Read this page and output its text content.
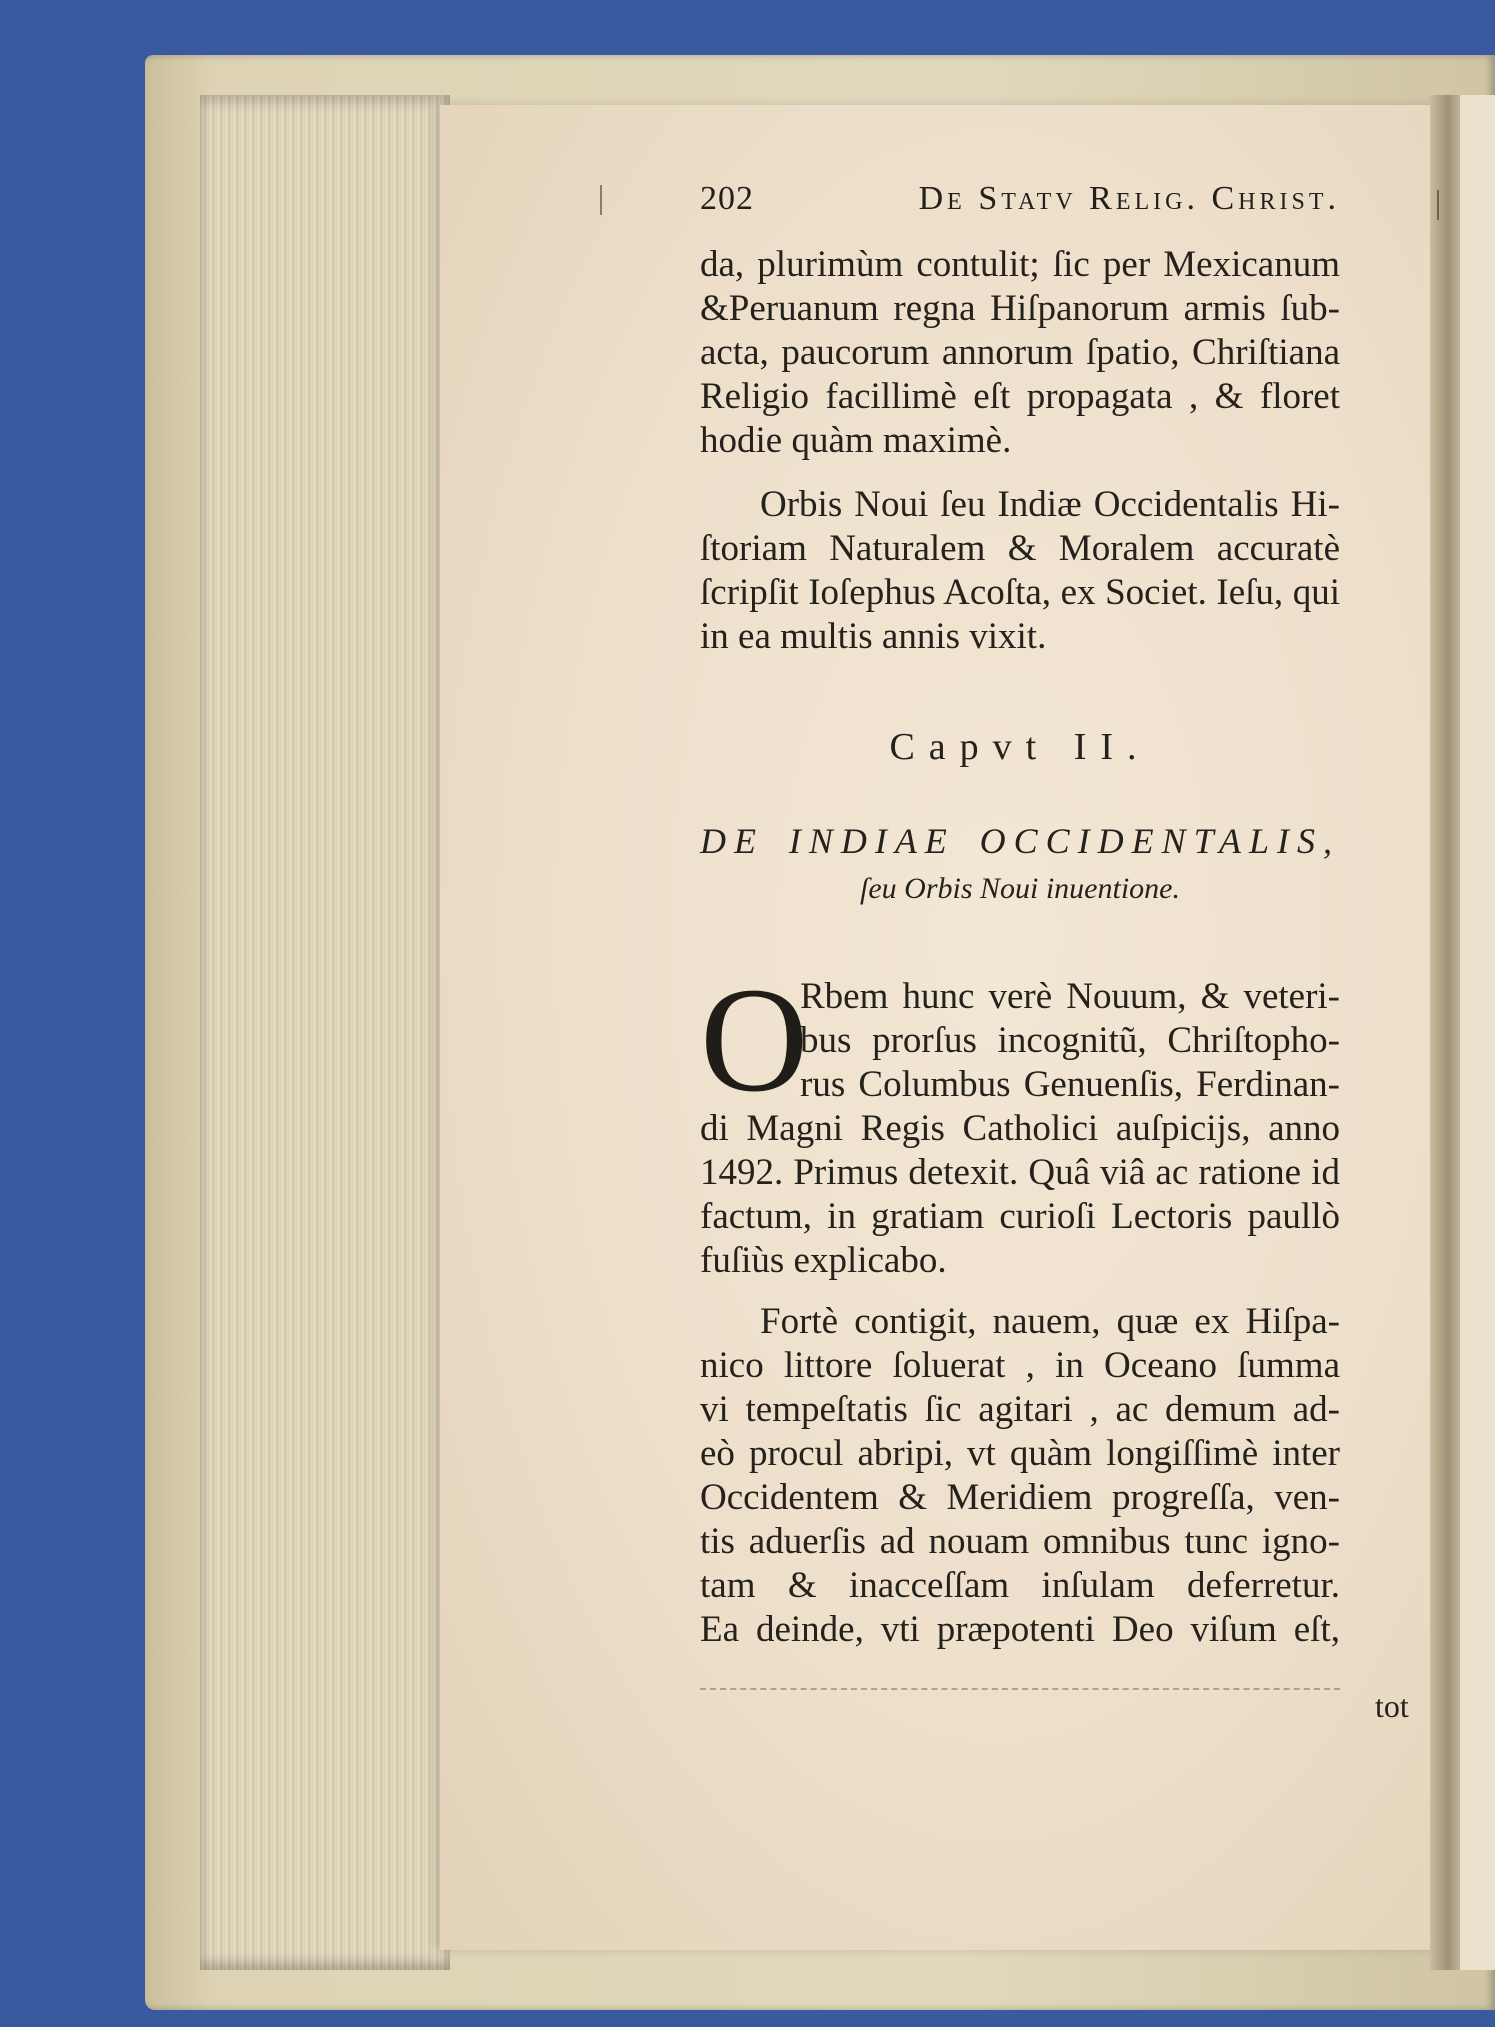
202	De Statv Relig. Christ.
da, plurimùm contulit; ſic per Mexicanum
&Peruanum regna Hiſpanorum armis ſub-
acta, paucorum annorum ſpatio, Chriſtiana
Religio facillimè eſt propagata , & floret
hodie quàm maximè.
Orbis Noui ſeu Indiæ Occidentalis Hi-
ſtoriam Naturalem & Moralem accuratè
ſcripſit Ioſephus Acoſta, ex Societ. Ieſu, qui
in ea multis annis vixit.
Capvt II.
DE INDIAE OCCIDENTALIS,
ſeu Orbis Noui inuentione.
O
Rbem hunc verè Nouum, & veteri-
bus prorſus incognitũ, Chriſtopho-
rus Columbus Genuenſis, Ferdinan-
di Magni Regis Catholici auſpicijs, anno
1492. Primus detexit. Quâ viâ ac ratione id
factum, in gratiam curioſi Lectoris paullò
fuſiùs explicabo.
Fortè contigit, nauem, quæ ex Hiſpa-
nico littore ſoluerat , in Oceano ſumma
vi tempeſtatis ſic agitari , ac demum ad-
eò procul abripi, vt quàm longiſſimè inter
Occidentem & Meridiem progreſſa, ven-
tis aduerſis ad nouam omnibus tunc igno-
tam & inacceſſam inſulam deferretur.
Ea deinde, vti præpotenti Deo viſum eſt,
tot
